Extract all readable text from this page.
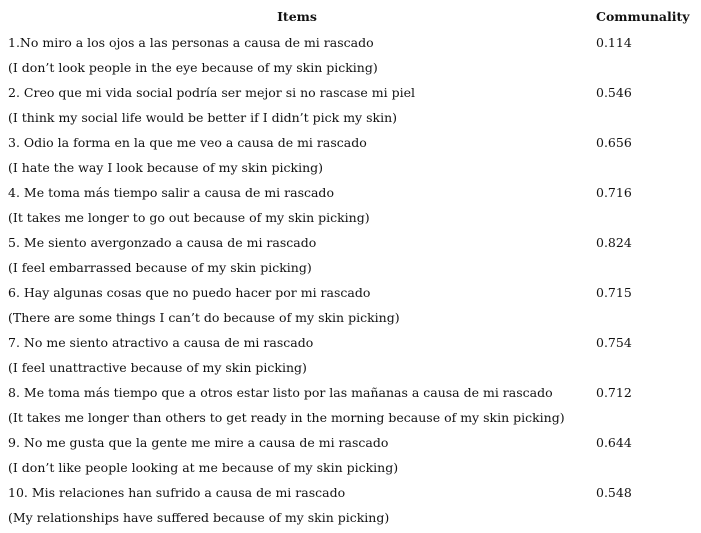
Items	Communality
1.No miro a los ojos a las personas a causa de mi rascado
(I don’t look people in the eye because of my skin picking)
0.114
2. Creo que mi vida social podría ser mejor si no rascase mi piel
(I think my social life would be better if I didn’t pick my skin)
0.546
3. Odio la forma en la que me veo a causa de mi rascado
(I hate the way I look because of my skin picking)
0.656
4. Me toma más tiempo salir a causa de mi rascado
(It takes me longer to go out because of my skin picking)
0.716
5. Me siento avergonzado a causa de mi rascado
(I feel embarrassed because of my skin picking)
0.824
6. Hay algunas cosas que no puedo hacer por mi rascado
(There are some things I can’t do because of my skin picking)
0.715
7. No me siento atractivo a causa de mi rascado
(I feel unattractive because of my skin picking)
0.754
8. Me toma más tiempo que a otros estar listo por las mañanas a causa de mi rascado
(It takes me longer than others to get ready in the morning because of my skin picking)
0.712
9. No me gusta que la gente me mire a causa de mi rascado
(I don’t like people looking at me because of my skin picking)
0.644
10. Mis relaciones han sufrido a causa de mi rascado
(My relationships have suffered because of my skin picking)
0.548
